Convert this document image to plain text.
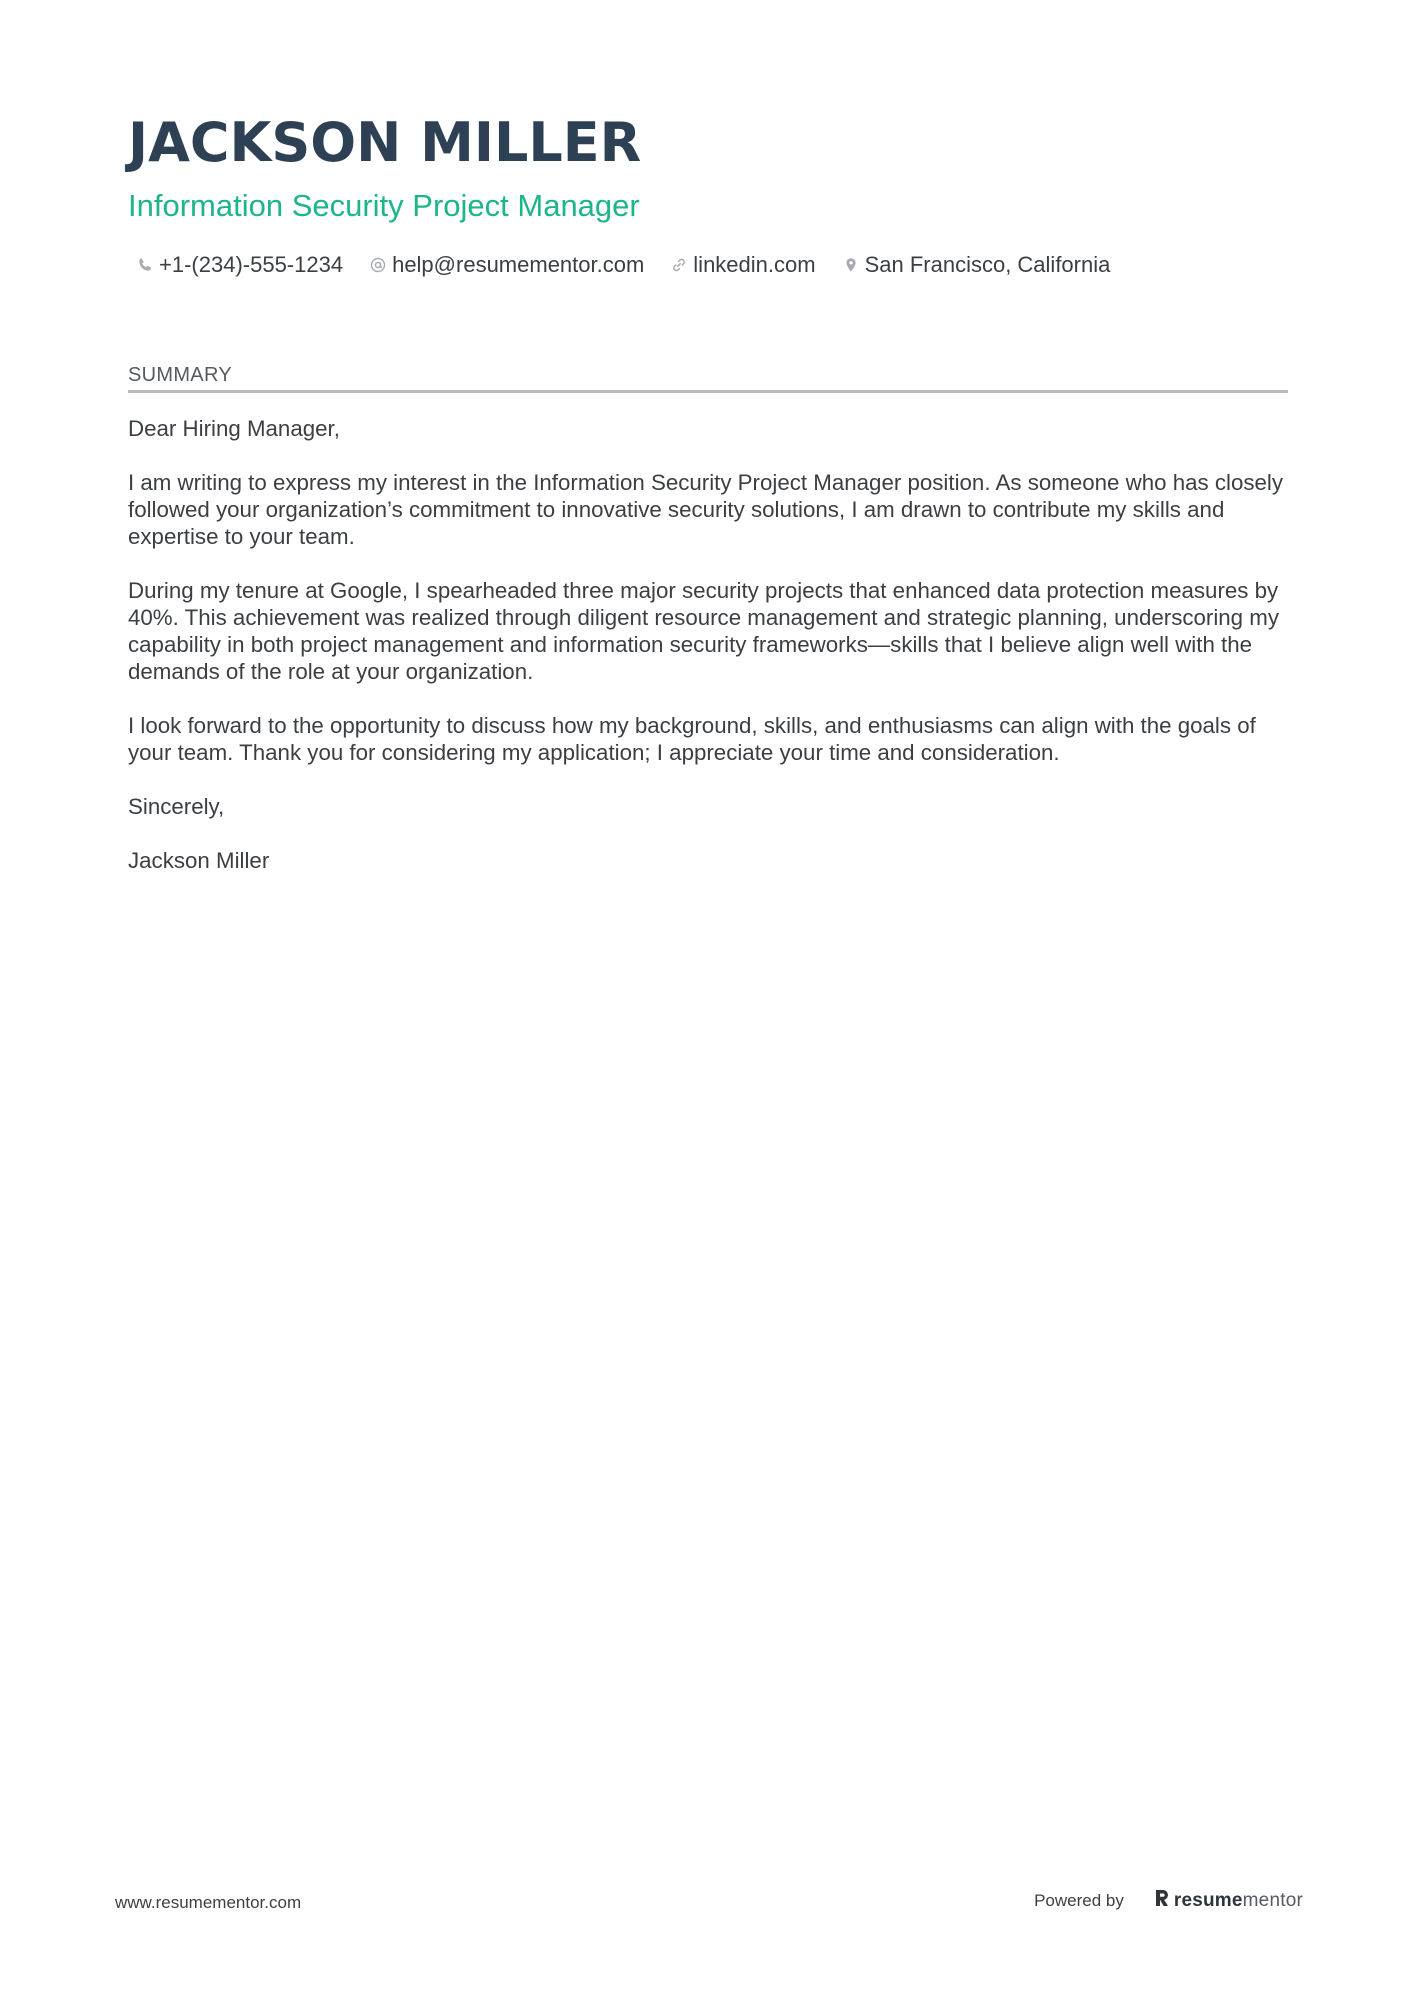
JACKSON MILLER
Information Security Project Manager
+1-(234)-555-1234 help@resumementor.com linkedin.com San Francisco, California
SUMMARY

Dear Hiring Manager,

I am writing to express my interest in the Information Security Project Manager position. As someone who has closely followed your organization’s commitment to innovative security solutions, I am drawn to contribute my skills and expertise to your team.

During my tenure at Google, I spearheaded three major security projects that enhanced data protection measures by 40%. This achievement was realized through diligent resource management and strategic planning, underscoring my capability in both project management and information security frameworks—skills that I believe align well with the demands of the role at your organization.

I look forward to the opportunity to discuss how my background, skills, and enthusiasms can align with the goals of your team. Thank you for considering my application; I appreciate your time and consideration.

Sincerely,

Jackson Miller

www.resumementor.com	Powered by	resumementor
